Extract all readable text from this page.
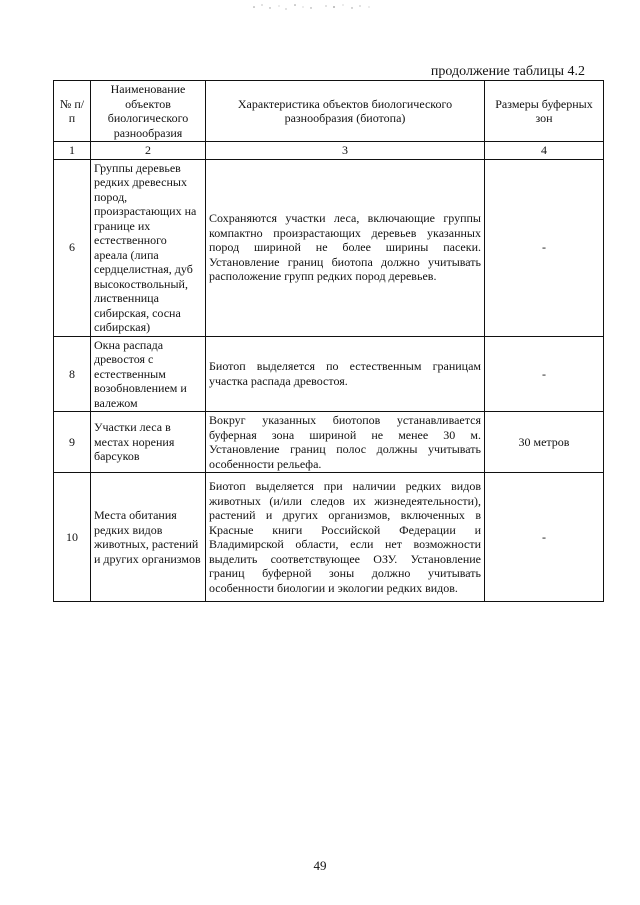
продолжение таблицы 4.2
№ п/п	Наименование объектов биологического разнообразия	Характеристика объектов биологического разнообразия (биотопа)	Размеры буферных зон
1	2	3	4
6	Группы деревьев редких древесных пород, произрастающих на границе их естественного ареала (липа сердцелистная, дуб высокоствольный, лиственница сибирская, сосна сибирская)	Сохраняются участки леса, включающие группы компактно произрастающих деревьев указанных пород шириной не более ширины пасеки. Установление границ биотопа должно учитывать расположение групп редких пород деревьев.	-
8	Окна распада древостоя с естественным возобновлением и валежом	Биотоп выделяется по естественным границам участка распада древостоя.	-
9	Участки леса в местах норения барсуков	Вокруг указанных биотопов устанавливается буферная зона шириной не менее 30 м. Установление границ полос должны учитывать особенности рельефа.	30 метров
10	Места обитания редких видов животных, растений и других организмов	Биотоп выделяется при наличии редких видов животных (и/или следов их жизнедеятельности), растений и других организмов, включенных в Красные книги Российской Федерации и Владимирской области, если нет возможности выделить соответствующее ОЗУ. Установление границ буферной зоны должно учитывать особенности биологии и экологии редких видов.	-
49
